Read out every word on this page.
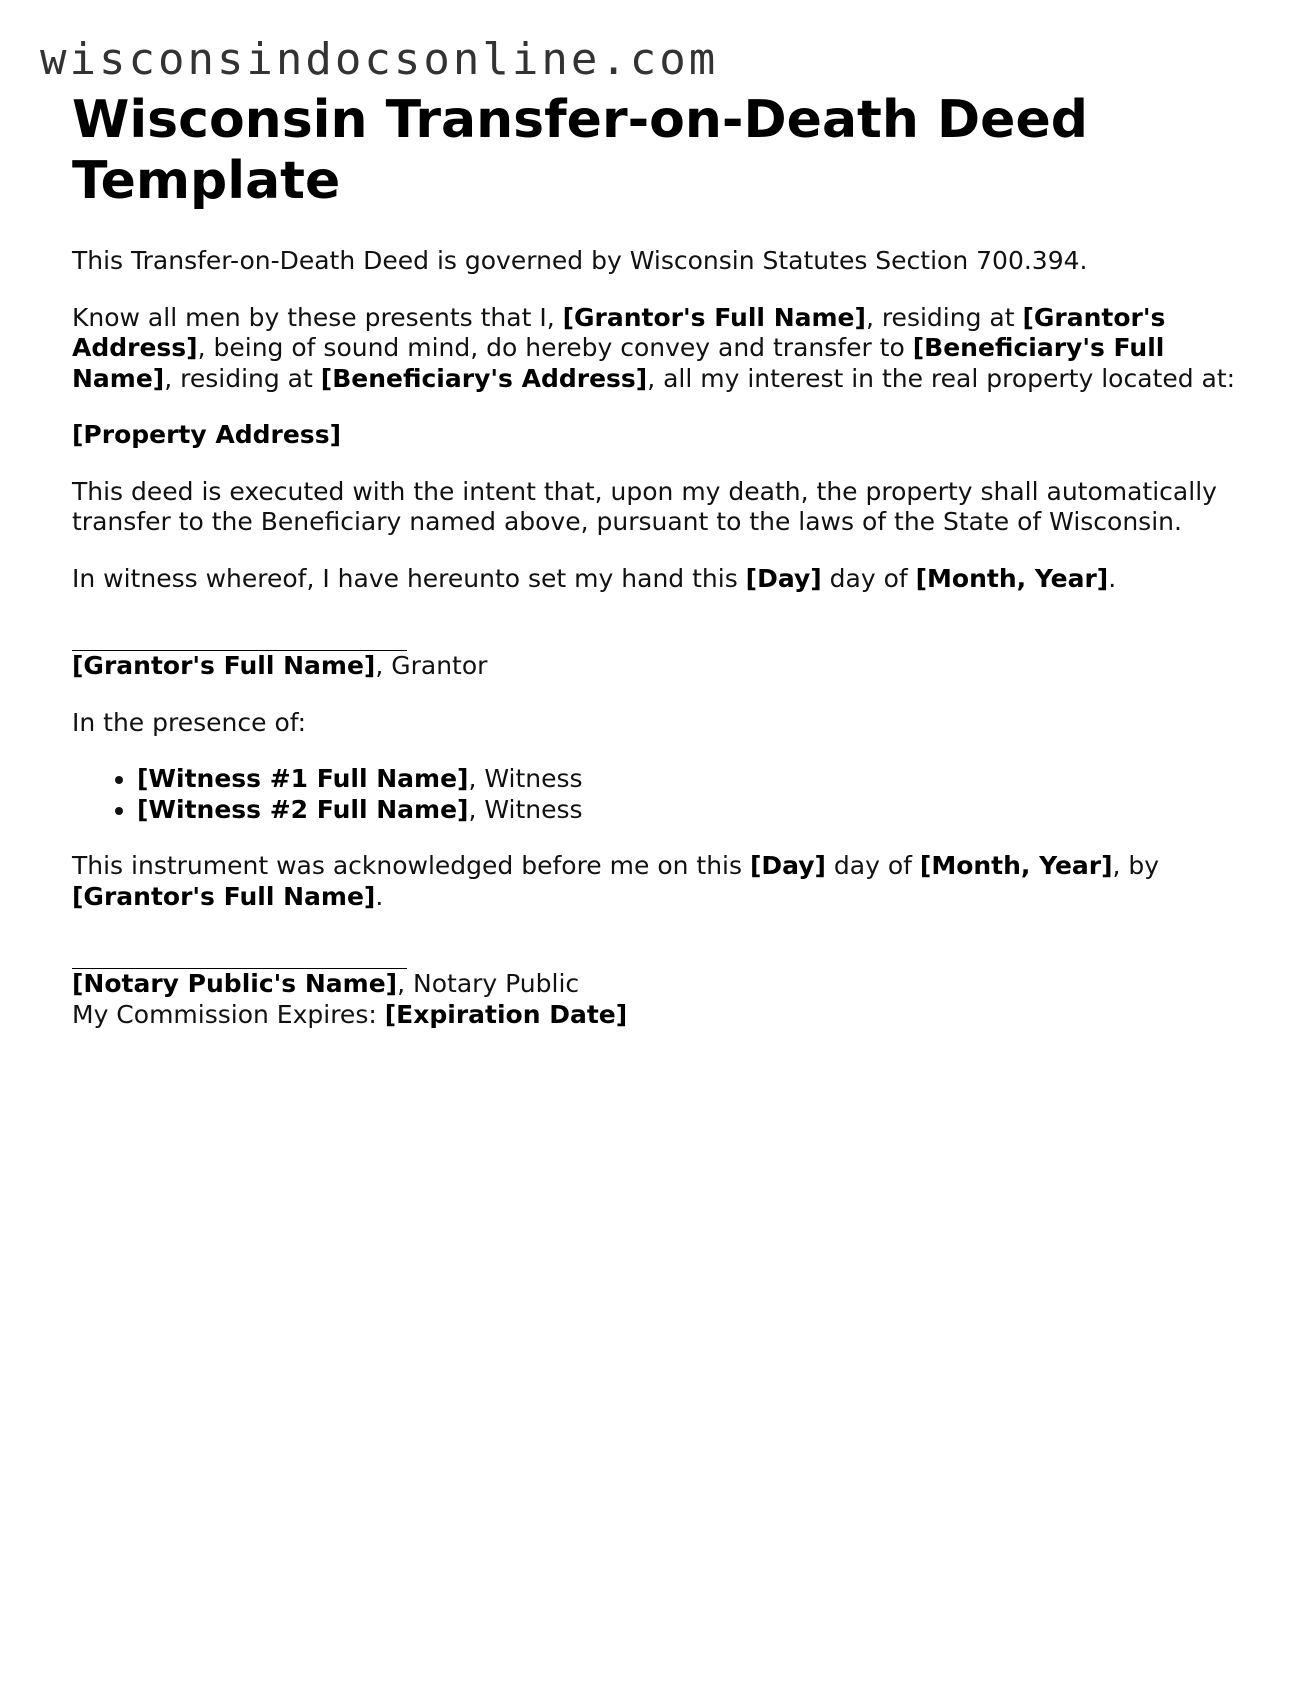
wisconsindocsonline.com
Wisconsin Transfer-on-Death Deed Template

This Transfer-on-Death Deed is governed by Wisconsin Statutes Section 700.394.

Know all men by these presents that I, [Grantor's Full Name], residing at [Grantor's Address], being of sound mind, do hereby convey and transfer to [Beneficiary's Full Name], residing at [Beneficiary's Address], all my interest in the real property located at:

[Property Address]

This deed is executed with the intent that, upon my death, the property shall automatically transfer to the Beneficiary named above, pursuant to the laws of the State of Wisconsin.

In witness whereof, I have hereunto set my hand this [Day] day of [Month, Year].

[Grantor's Full Name], Grantor

In the presence of:

• [Witness #1 Full Name], Witness
• [Witness #2 Full Name], Witness

This instrument was acknowledged before me on this [Day] day of [Month, Year], by [Grantor's Full Name].

[Notary Public's Name], Notary Public
My Commission Expires: [Expiration Date]
